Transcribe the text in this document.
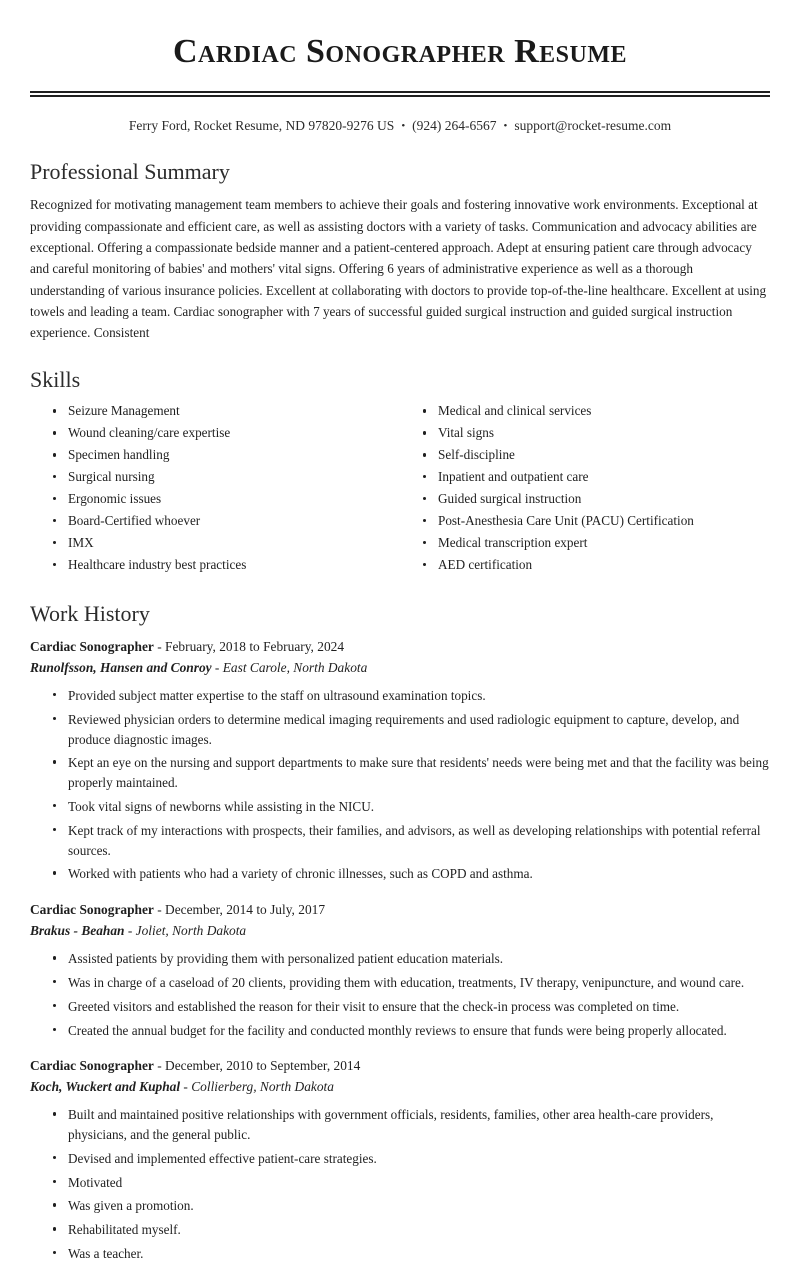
Cardiac Sonographer Resume
Ferry Ford, Rocket Resume, ND 97820-9276 US • (924) 264-6567 • support@rocket-resume.com
Professional Summary

Recognized for motivating management team members to achieve their goals and fostering innovative work environments. Exceptional at providing compassionate and efficient care, as well as assisting doctors with a variety of tasks. Communication and advocacy abilities are exceptional. Offering a compassionate bedside manner and a patient-centered approach. Adept at ensuring patient care through advocacy and careful monitoring of babies' and mothers' vital signs. Offering 6 years of administrative experience as well as a thorough understanding of various insurance policies. Excellent at collaborating with doctors to provide top-of-the-line healthcare. Excellent at using towels and leading a team. Cardiac sonographer with 7 years of successful guided surgical instruction and guided surgical instruction experience. Consistent

Skills
Seizure Management
Wound cleaning/care expertise
Specimen handling
Surgical nursing
Ergonomic issues
Board-Certified whoever
IMX
Healthcare industry best practices
Medical and clinical services
Vital signs
Self-discipline
Inpatient and outpatient care
Guided surgical instruction
Post-Anesthesia Care Unit (PACU) Certification
Medical transcription expert
AED certification
Work History
Cardiac Sonographer - February, 2018 to February, 2024
Runolfsson, Hansen and Conroy - East Carole, North Dakota
Provided subject matter expertise to the staff on ultrasound examination topics.
Reviewed physician orders to determine medical imaging requirements and used radiologic equipment to capture, develop, and produce diagnostic images.
Kept an eye on the nursing and support departments to make sure that residents' needs were being met and that the facility was being properly maintained.
Took vital signs of newborns while assisting in the NICU.
Kept track of my interactions with prospects, their families, and advisors, as well as developing relationships with potential referral sources.
Worked with patients who had a variety of chronic illnesses, such as COPD and asthma.
Cardiac Sonographer - December, 2014 to July, 2017
Brakus - Beahan - Joliet, North Dakota
Assisted patients by providing them with personalized patient education materials.
Was in charge of a caseload of 20 clients, providing them with education, treatments, IV therapy, venipuncture, and wound care.
Greeted visitors and established the reason for their visit to ensure that the check-in process was completed on time.
Created the annual budget for the facility and conducted monthly reviews to ensure that funds were being properly allocated.
Cardiac Sonographer - December, 2010 to September, 2014
Koch, Wuckert and Kuphal - Collierberg, North Dakota
Built and maintained positive relationships with government officials, residents, families, other area health-care providers, physicians, and the general public.
Devised and implemented effective patient-care strategies.
Motivated
Was given a promotion.
Rehabilitated myself.
Was a teacher.
